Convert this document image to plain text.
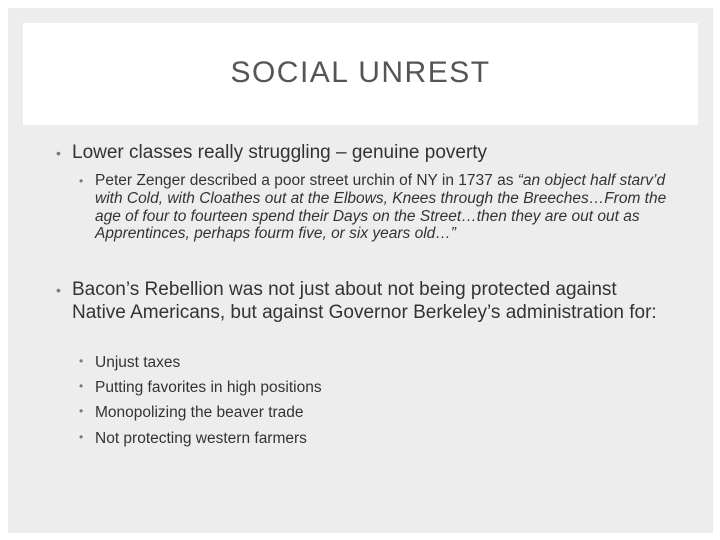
SOCIAL UNREST
• Lower classes really struggling – genuine poverty
• Peter Zenger described a poor street urchin of NY in 1737 as “an object half starv’d with Cold, with Cloathes out at the Elbows, Knees through the Breeches…From the age of four to fourteen spend their Days on the Street…then they are out out as Apprentinces, perhaps fourm five, or six years old…”
• Bacon’s Rebellion was not just about not being protected against Native Americans, but against Governor Berkeley’s administration for:
• Unjust taxes
• Putting favorites in high positions
• Monopolizing the beaver trade
• Not protecting western farmers
